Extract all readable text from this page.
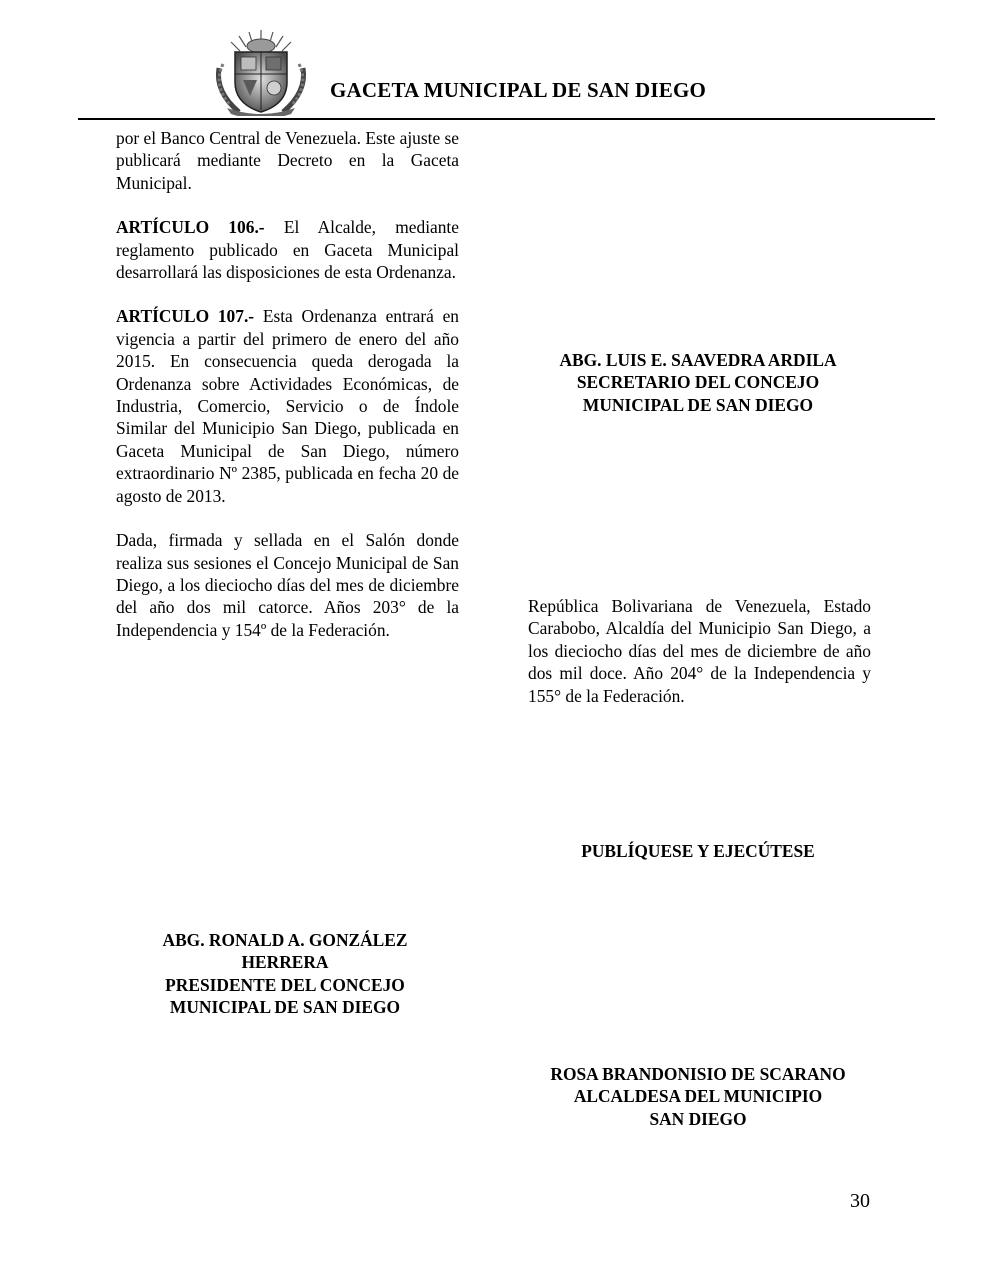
GACETA MUNICIPAL DE SAN DIEGO

por el Banco Central de Venezuela. Este ajuste se publicará mediante Decreto en la Gaceta Municipal.

ARTÍCULO 106.- El Alcalde, mediante reglamento publicado en Gaceta Municipal desarrollará las disposiciones de esta Ordenanza.

ARTÍCULO 107.- Esta Ordenanza entrará en vigencia a partir del primero de enero del año 2015. En consecuencia queda derogada la Ordenanza sobre Actividades Económicas, de Industria, Comercio, Servicio o de Índole Similar del Municipio San Diego, publicada en Gaceta Municipal de San Diego, número extraordinario Nº 2385, publicada en fecha 20 de agosto de 2013.

Dada, firmada y sellada en el Salón donde realiza sus sesiones el Concejo Municipal de San Diego, a los dieciocho días del mes de diciembre del año dos mil catorce. Años 203° de la Independencia y 154º de la Federación.

República Bolivariana de Venezuela, Estado Carabobo, Alcaldía del Municipio San Diego, a los dieciocho días del mes de diciembre de año dos mil doce. Año 204° de la Independencia y 155° de la Federación.

ABG. LUIS E. SAAVEDRA ARDILA
SECRETARIO DEL CONCEJO
MUNICIPAL DE SAN DIEGO
PUBLÍQUESE Y EJECÚTESE
ABG. RONALD A. GONZÁLEZ HERRERA
PRESIDENTE DEL CONCEJO
MUNICIPAL DE SAN DIEGO
ROSA BRANDONISIO DE SCARANO
ALCALDESA DEL MUNICIPIO
SAN DIEGO
30
